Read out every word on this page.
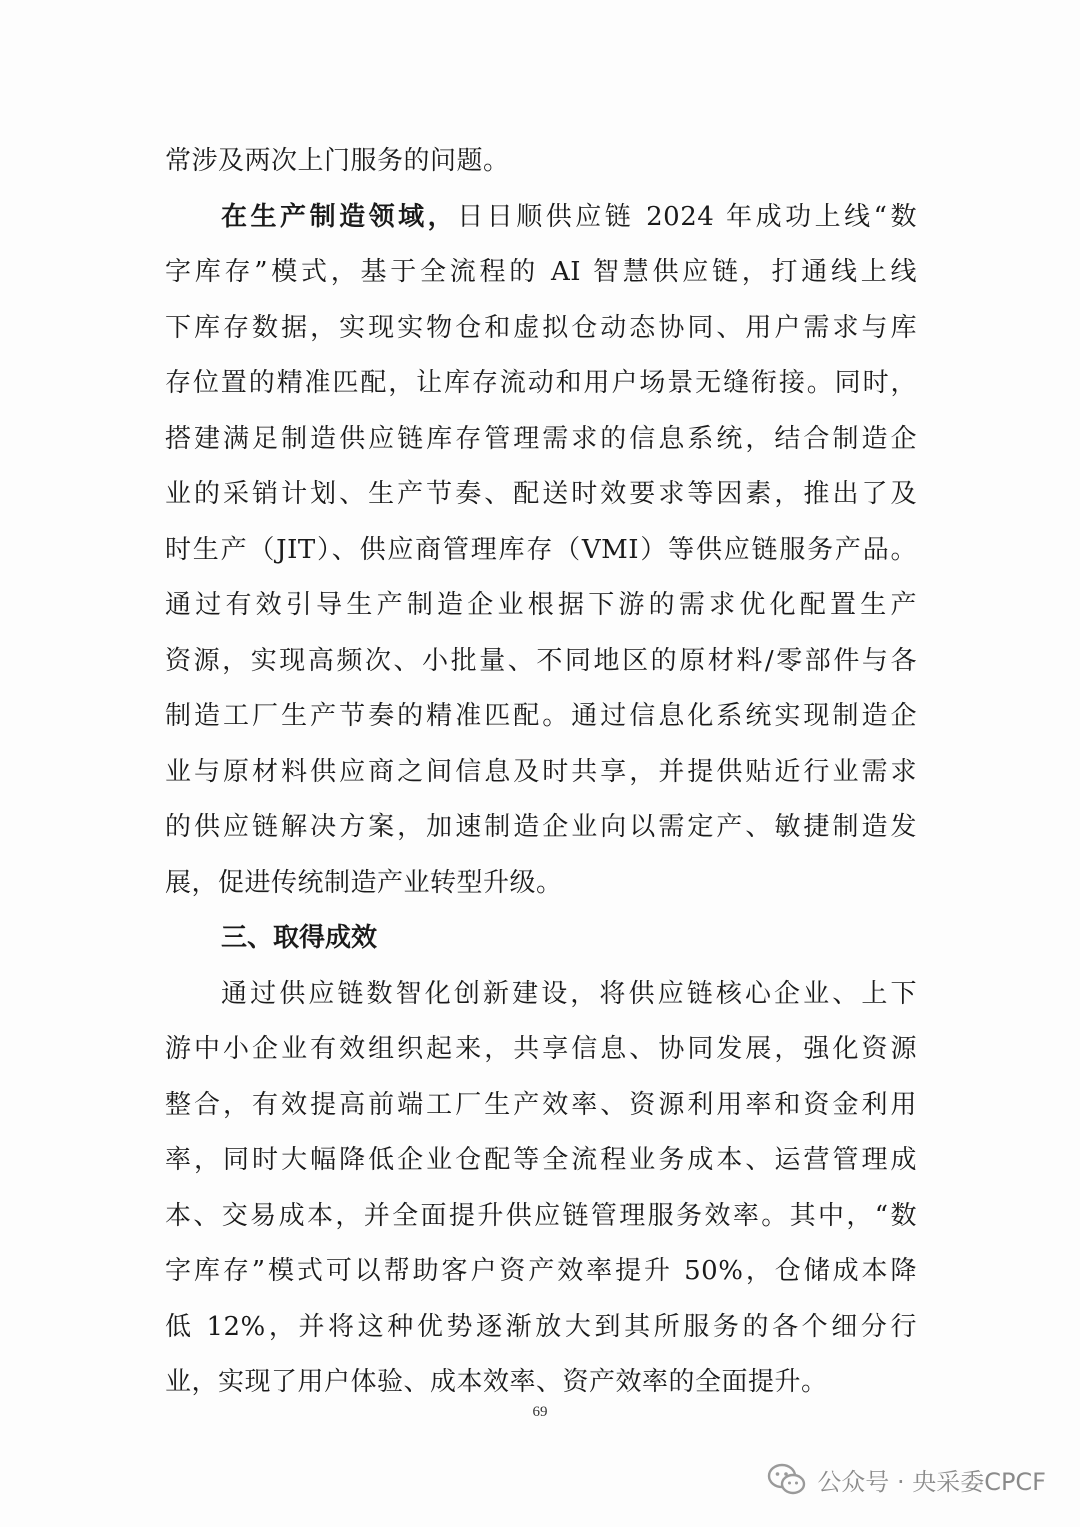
常涉及两次上门服务的问题。
在生产制造领域，日日顺供应链 2024 年成功上线“数
字库存”模式，基于全流程的 AI 智慧供应链，打通线上线
下库存数据，实现实物仓和虚拟仓动态协同、用户需求与库
存位置的精准匹配，让库存流动和用户场景无缝衔接。同时，
搭建满足制造供应链库存管理需求的信息系统，结合制造企
业的采销计划、生产节奏、配送时效要求等因素，推出了及
时生产（JIT）、供应商管理库存（VMI）等供应链服务产品。
通过有效引导生产制造企业根据下游的需求优化配置生产
资源，实现高频次、小批量、不同地区的原材料/零部件与各
制造工厂生产节奏的精准匹配。通过信息化系统实现制造企
业与原材料供应商之间信息及时共享，并提供贴近行业需求
的供应链解决方案，加速制造企业向以需定产、敏捷制造发
展，促进传统制造产业转型升级。
三、取得成效
通过供应链数智化创新建设，将供应链核心企业、上下
游中小企业有效组织起来，共享信息、协同发展，强化资源
整合，有效提高前端工厂生产效率、资源利用率和资金利用
率，同时大幅降低企业仓配等全流程业务成本、运营管理成
本、交易成本，并全面提升供应链管理服务效率。其中，“数
字库存”模式可以帮助客户资产效率提升 50%，仓储成本降
低 12%，并将这种优势逐渐放大到其所服务的各个细分行
业，实现了用户体验、成本效率、资产效率的全面提升。
69
公众号 · 央采委CPCF
